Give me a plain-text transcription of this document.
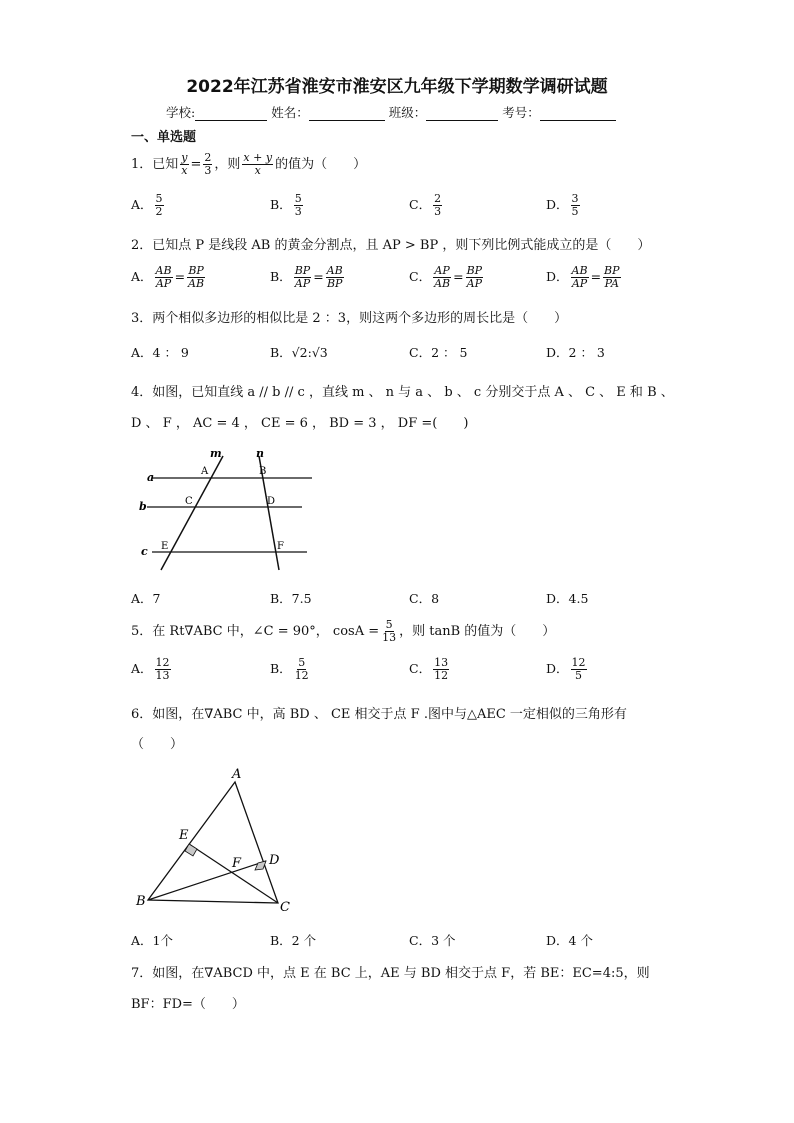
2022年江苏省淮安市淮安区九年级下学期数学调研试题
学校:	姓名：	班级：	考号：
一、单选题
1．已知 $\frac{y}{x} = \frac{2}{3}$ ，则 $\frac{x + y}{x}$ 的值为（　　）
A． $\frac{5}{2}$	B． $\frac{5}{3}$	C． $\frac{2}{3}$	D． $\frac{3}{5}$
2．已知点 P 是线段 AB 的黄金分割点，且 AP > BP ，则下列比例式能成立的是（　　）
A． $\frac{AB}{AP} = \frac{BP}{AB}$	B． $\frac{BP}{AP} = \frac{AB}{BP}$	C． $\frac{AP}{AB} = \frac{BP}{AP}$	D． $\frac{AB}{AP} = \frac{BP}{PA}$
3．两个相似多边形的相似比是 2 ：3，则这两个多边形的周长比是（　　）
A．4 ： 9	B．√2:√3	C．2 ： 5	D．2 ： 3
4．如图，已知直线 a // b // c ，直线 m 、 n 与 a 、 b 、 c 分别交于点 A 、 C 、 E 和 B 、
D 、 F ， AC = 4 ， CE = 6 ， BD = 3 ， DF =(　　)
m	n
a
b
c
A	B
C	D
E	F
A．7	B．7.5	C．8	D．4.5
5．在 Rt∇ABC 中，∠C = 90°， $\cos A = \frac{5}{13}$ ，则 tanB 的值为（　　）
A． $\frac{12}{13}$	B． $\frac{5}{12}$	C． $\frac{13}{12}$	D． $\frac{12}{5}$
6．如图，在∇ABC 中，高 BD 、 CE 相交于点 F .图中与△AEC 一定相似的三角形有
（　　）
A
B	C
D
E
F
A．1个	B．2 个	C．3 个	D．4 个
7．如图，在∇ABCD 中，点 E 在 BC 上，AE 与 BD 相交于点 F，若 BE：EC=4:5，则
BF：FD=（　　）
